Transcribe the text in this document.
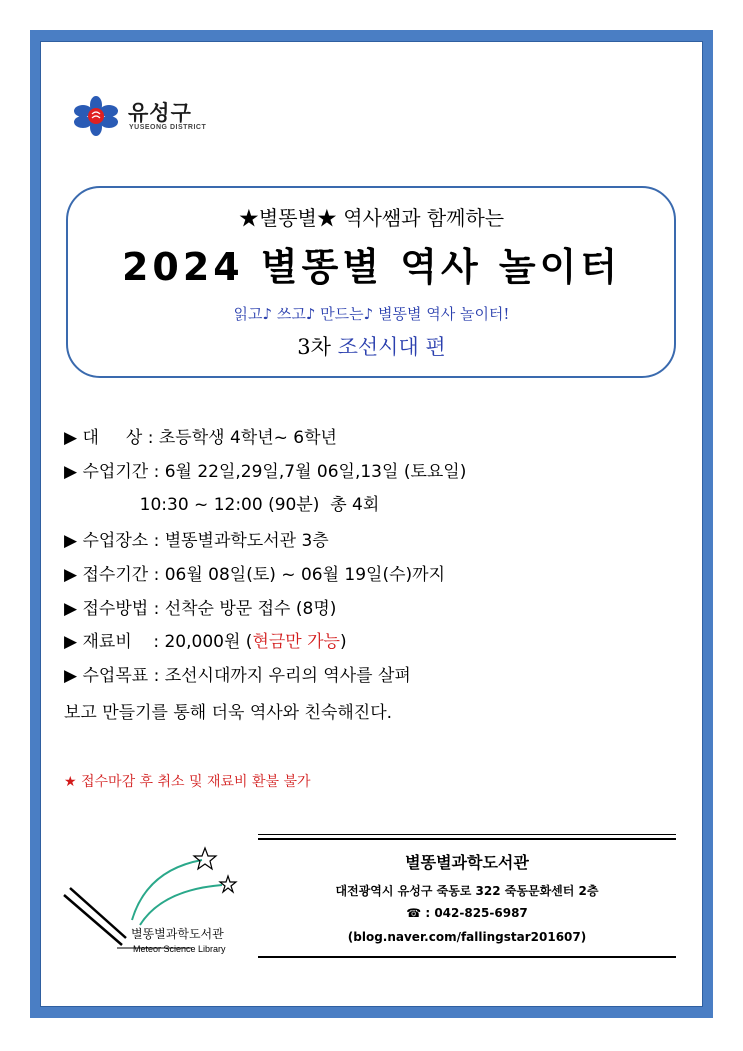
유성구
YUSEONG DISTRICT
★별똥별★ 역사쌤과 함께하는
2024 별똥별 역사 놀이터
읽고♪ 쓰고♪ 만드는♪ 별똥별 역사 놀이터!
3차 조선시대 편
▶ 대     상 : 초등학생 4학년~ 6학년
▶ 수업기간 : 6월 22일,29일,7월 06일,13일 (토요일)
10:30 ~ 12:00 (90분)  총 4회
▶ 수업장소 : 별똥별과학도서관 3층
▶ 접수기간 : 06월 08일(토) ~ 06월 19일(수)까지
▶ 접수방법 : 선착순 방문 접수 (8명)
▶ 재료비    : 20,000원 (현금만 가능)
▶ 수업목표 : 조선시대까지 우리의 역사를 살펴
보고 만들기를 통해 더욱 역사와 친숙해진다.
★ 접수마감 후 취소 및 재료비 환불 불가
별똥별과학도서관
Meteor Science Library
별똥별과학도서관
대전광역시 유성구 죽동로 322 죽동문화센터 2층
☎ : 042-825-6987
(blog.naver.com/fallingstar201607)
